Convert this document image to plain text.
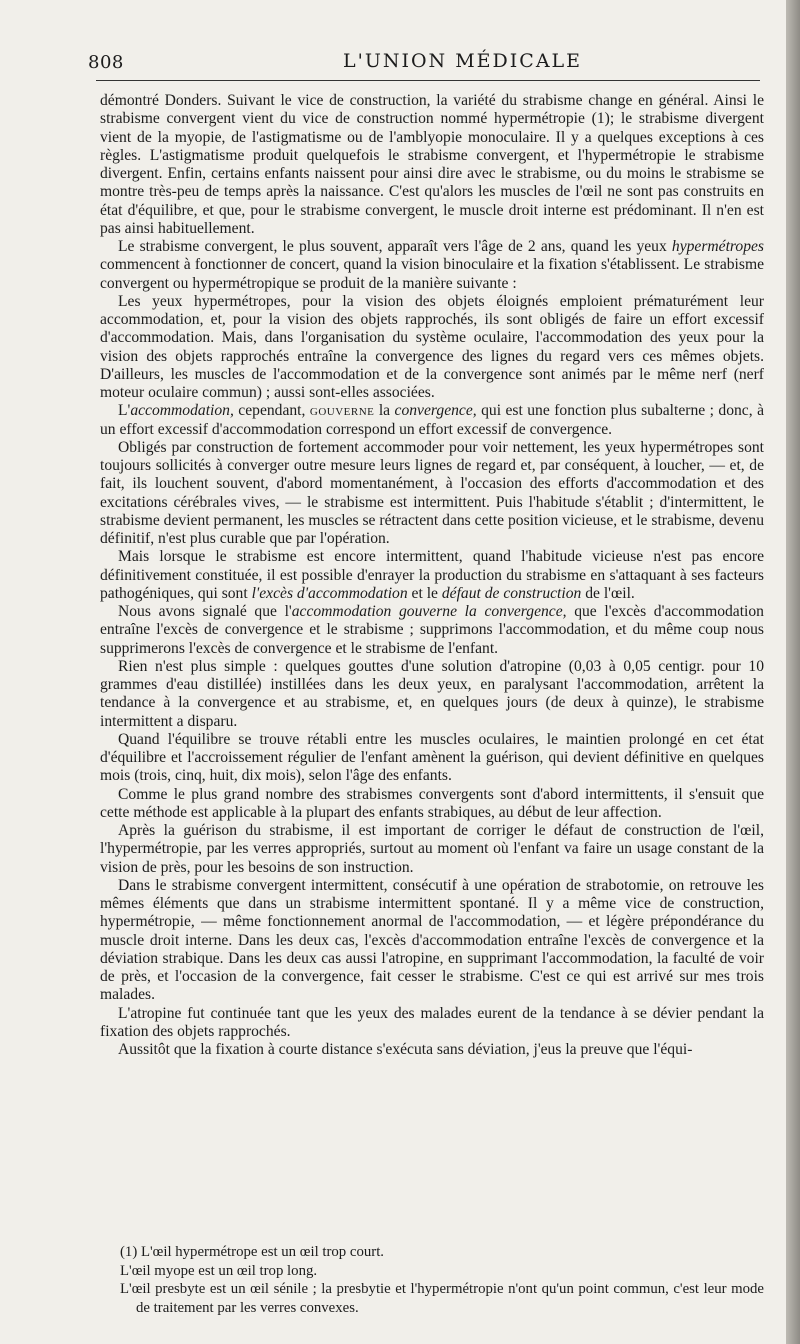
808	L'UNION MÉDICALE

démontré Donders. Suivant le vice de construction, la variété du strabisme change en général. Ainsi le strabisme convergent vient du vice de construction nommé hypermétropie (1); le strabisme divergent vient de la myopie, de l'astigmatisme ou de l'amblyopie monoculaire. Il y a quelques exceptions à ces règles. L'astigmatisme produit quelquefois le strabisme convergent, et l'hypermétropie le strabisme divergent. Enfin, certains enfants naissent pour ainsi dire avec le strabisme, ou du moins le strabisme se montre très-peu de temps après la naissance. C'est qu'alors les muscles de l'œil ne sont pas construits en état d'équilibre, et que, pour le strabisme convergent, le muscle droit interne est prédominant. Il n'en est pas ainsi habituellement.

Le strabisme convergent, le plus souvent, apparaît vers l'âge de 2 ans, quand les yeux hypermétropes commencent à fonctionner de concert, quand la vision binoculaire et la fixation s'établissent. Le strabisme convergent ou hypermétropique se produit de la manière suivante :

Les yeux hypermétropes, pour la vision des objets éloignés emploient prématurément leur accommodation, et, pour la vision des objets rapprochés, ils sont obligés de faire un effort excessif d'accommodation. Mais, dans l'organisation du système oculaire, l'accommodation des yeux pour la vision des objets rapprochés entraîne la convergence des lignes du regard vers ces mêmes objets. D'ailleurs, les muscles de l'accommodation et de la convergence sont animés par le même nerf (nerf moteur oculaire commun) ; aussi sont-elles associées.

L'accommodation, cependant, gouverne la convergence, qui est une fonction plus subalterne ; donc, à un effort excessif d'accommodation correspond un effort excessif de convergence.

Obligés par construction de fortement accommoder pour voir nettement, les yeux hypermétropes sont toujours sollicités à converger outre mesure leurs lignes de regard et, par conséquent, à loucher, — et, de fait, ils louchent souvent, d'abord momentanément, à l'occasion des efforts d'accommodation et des excitations cérébrales vives, — le strabisme est intermittent. Puis l'habitude s'établit ; d'intermittent, le strabisme devient permanent, les muscles se rétractent dans cette position vicieuse, et le strabisme, devenu définitif, n'est plus curable que par l'opération.

Mais lorsque le strabisme est encore intermittent, quand l'habitude vicieuse n'est pas encore définitivement constituée, il est possible d'enrayer la production du strabisme en s'attaquant à ses facteurs pathogéniques, qui sont l'excès d'accommodation et le défaut de construction de l'œil.

Nous avons signalé que l'accommodation gouverne la convergence, que l'excès d'accommodation entraîne l'excès de convergence et le strabisme ; supprimons l'accommodation, et du même coup nous supprimerons l'excès de convergence et le strabisme de l'enfant.

Rien n'est plus simple : quelques gouttes d'une solution d'atropine (0,03 à 0,05 centigr. pour 10 grammes d'eau distillée) instillées dans les deux yeux, en paralysant l'accommodation, arrêtent la tendance à la convergence et au strabisme, et, en quelques jours (de deux à quinze), le strabisme intermittent a disparu.

Quand l'équilibre se trouve rétabli entre les muscles oculaires, le maintien prolongé en cet état d'équilibre et l'accroissement régulier de l'enfant amènent la guérison, qui devient définitive en quelques mois (trois, cinq, huit, dix mois), selon l'âge des enfants.

Comme le plus grand nombre des strabismes convergents sont d'abord intermittents, il s'ensuit que cette méthode est applicable à la plupart des enfants strabiques, au début de leur affection.

Après la guérison du strabisme, il est important de corriger le défaut de construction de l'œil, l'hypermétropie, par les verres appropriés, surtout au moment où l'enfant va faire un usage constant de la vision de près, pour les besoins de son instruction.

Dans le strabisme convergent intermittent, consécutif à une opération de strabotomie, on retrouve les mêmes éléments que dans un strabisme intermittent spontané. Il y a même vice de construction, hypermétropie, — même fonctionnement anormal de l'accommodation, — et légère prépondérance du muscle droit interne. Dans les deux cas, l'excès d'accommodation entraîne l'excès de convergence et la déviation strabique. Dans les deux cas aussi l'atropine, en supprimant l'accommodation, la faculté de voir de près, et l'occasion de la convergence, fait cesser le strabisme. C'est ce qui est arrivé sur mes trois malades.

L'atropine fut continuée tant que les yeux des malades eurent de la tendance à se dévier pendant la fixation des objets rapprochés.

Aussitôt que la fixation à courte distance s'exécuta sans déviation, j'eus la preuve que l'équi-

(1) L'œil hypermétrope est un œil trop court.

L'œil myope est un œil trop long.

L'œil presbyte est un œil sénile ; la presbytie et l'hypermétropie n'ont qu'un point commun, c'est leur mode de traitement par les verres convexes.
